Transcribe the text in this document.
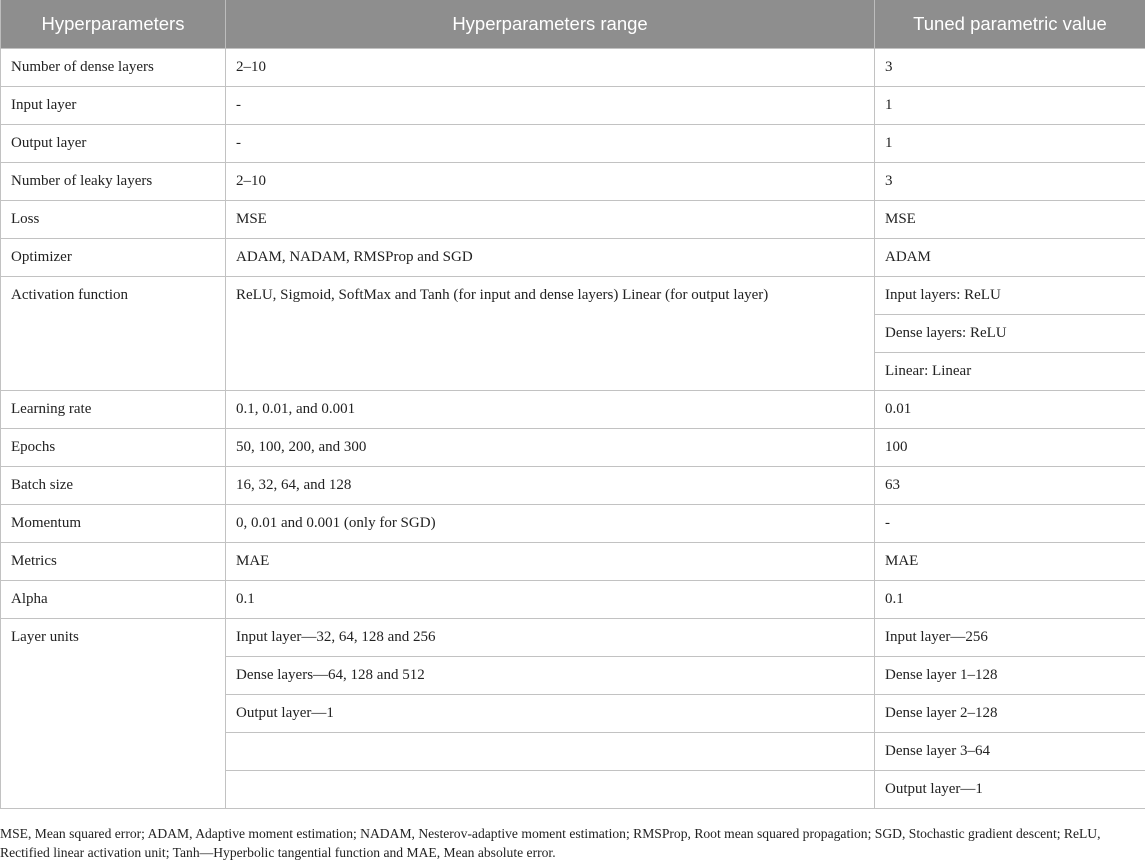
Hyperparameters	Hyperparameters range	Tuned parametric value
Number of dense layers	2–10	3
Input layer	-	1
Output layer	-	1
Number of leaky layers	2–10	3
Loss	MSE	MSE
Optimizer	ADAM, NADAM, RMSProp and SGD	ADAM
Activation function	ReLU, Sigmoid, SoftMax and Tanh (for input and dense layers) Linear (for output layer)	Input layers: ReLU
		Dense layers: ReLU
		Linear: Linear
Learning rate	0.1, 0.01, and 0.001	0.01
Epochs	50, 100, 200, and 300	100
Batch size	16, 32, 64, and 128	63
Momentum	0, 0.01 and 0.001 (only for SGD)	-
Metrics	MAE	MAE
Alpha	0.1	0.1
Layer units	Input layer—32, 64, 128 and 256	Input layer—256
	Dense layers—64, 128 and 512	Dense layer 1–128
	Output layer—1	Dense layer 2–128
		Dense layer 3–64
		Output layer—1
MSE, Mean squared error; ADAM, Adaptive moment estimation; NADAM, Nesterov-adaptive moment estimation; RMSProp, Root mean squared propagation; SGD, Stochastic gradient descent; ReLU, Rectified linear activation unit; Tanh—Hyperbolic tangential function and MAE, Mean absolute error.
